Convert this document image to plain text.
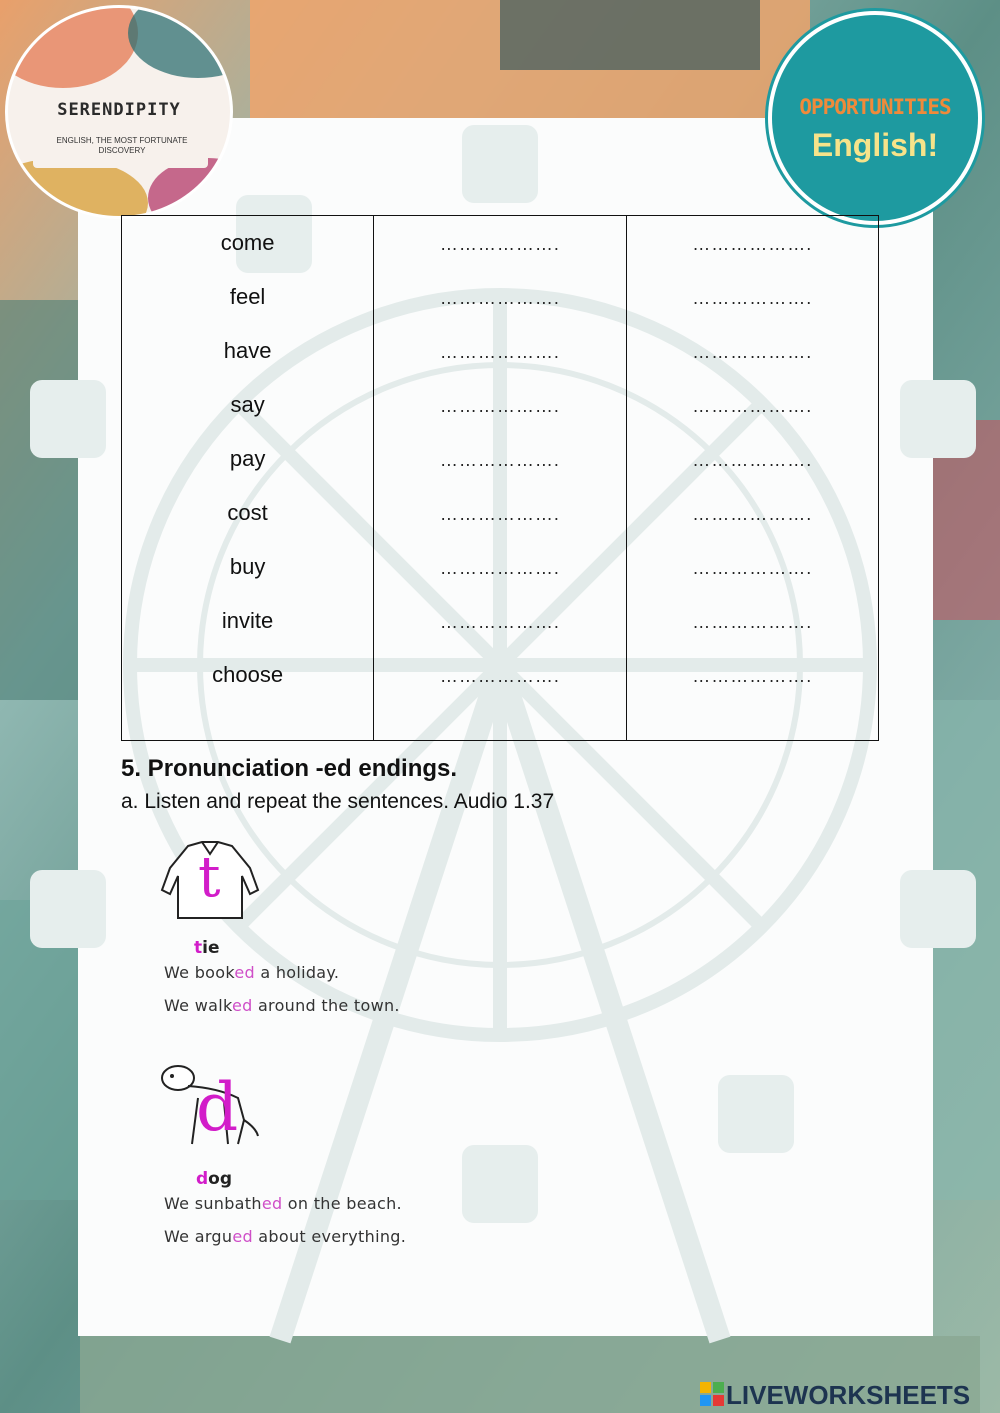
SERENDIPITY
ENGLISH, THE MOST FORTUNATE DISCOVERY
OPPORTUNITIES
English!
come	……………….	……………….
feel	……………….	……………….
have	……………….	……………….
say	……………….	……………….
pay	……………….	……………….
cost	……………….	……………….
buy	……………….	……………….
invite	……………….	……………….
choose	……………….	……………….

5. Pronunciation -ed endings.
a. Listen and repeat the sentences. Audio 1.37
t
tie
We booked a holiday.
We walked around the town.
d
dog
We sunbathed on the beach.
We argued about everything.
LIVEWORKSHEETS
